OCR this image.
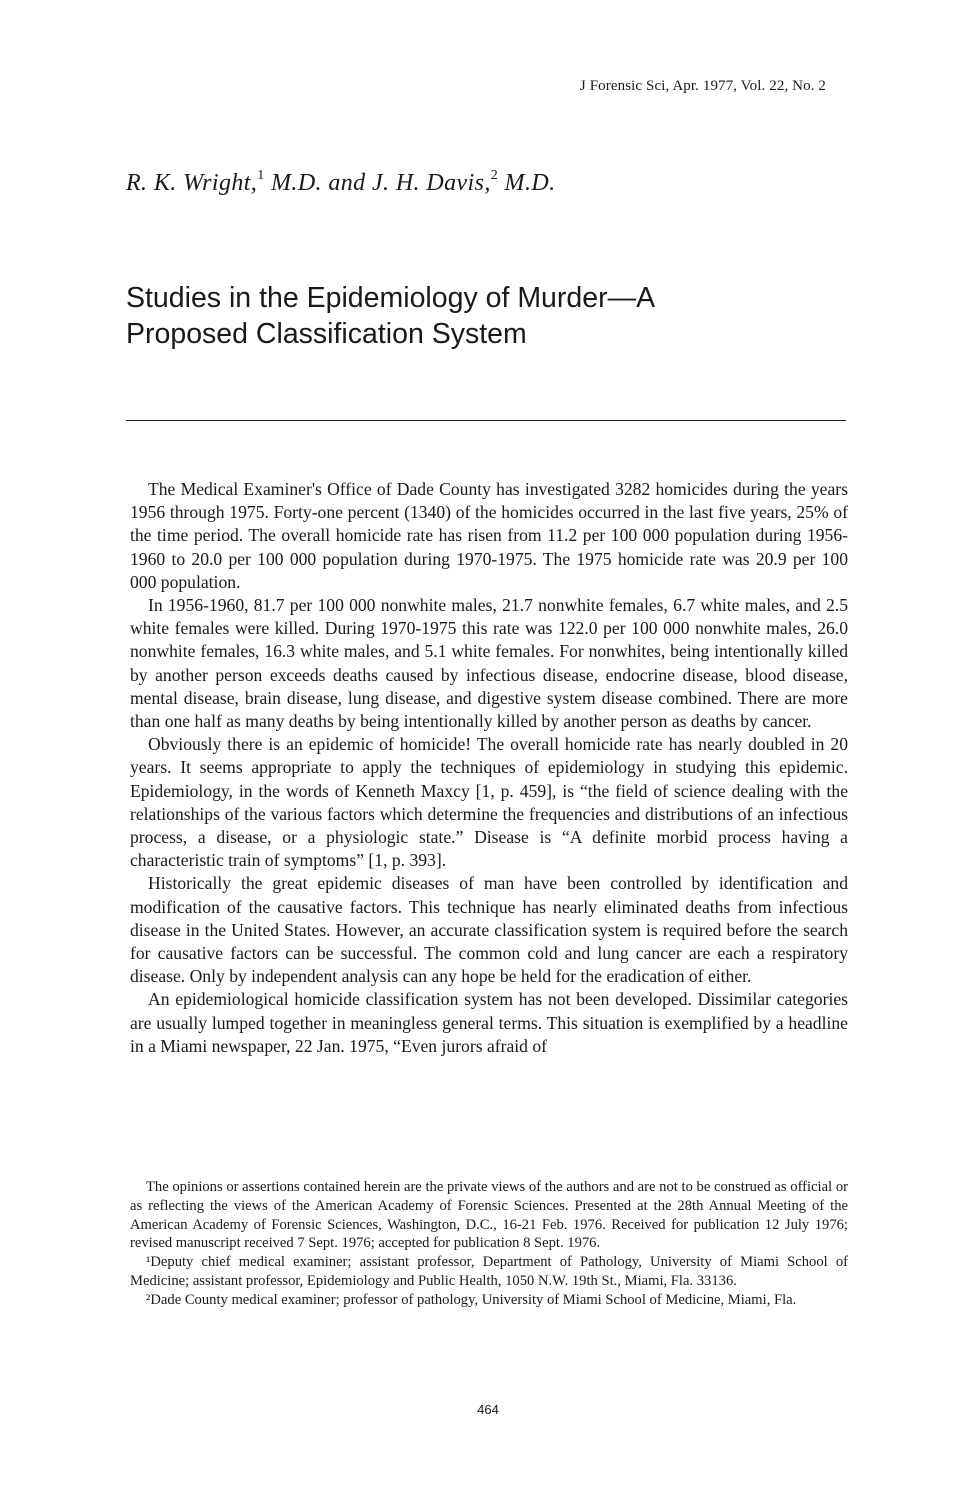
J Forensic Sci, Apr. 1977, Vol. 22, No. 2
R. K. Wright,$^1$ M.D. and J. H. Davis,$^2$ M.D.
Studies in the Epidemiology of Murder—A
Proposed Classification System

The Medical Examiner's Office of Dade County has investigated 3282 homicides during the years 1956 through 1975. Forty-one percent (1340) of the homicides occurred in the last five years, 25% of the time period. The overall homicide rate has risen from 11.2 per 100 000 population during 1956-1960 to 20.0 per 100 000 population during 1970-1975. The 1975 homicide rate was 20.9 per 100 000 population.

In 1956-1960, 81.7 per 100 000 nonwhite males, 21.7 nonwhite females, 6.7 white males, and 2.5 white females were killed. During 1970-1975 this rate was 122.0 per 100 000 nonwhite males, 26.0 nonwhite females, 16.3 white males, and 5.1 white females. For nonwhites, being intentionally killed by another person exceeds deaths caused by infectious disease, endocrine disease, blood disease, mental disease, brain disease, lung disease, and digestive system disease combined. There are more than one half as many deaths by being intentionally killed by another person as deaths by cancer.

Obviously there is an epidemic of homicide! The overall homicide rate has nearly doubled in 20 years. It seems appropriate to apply the techniques of epidemiology in studying this epidemic. Epidemiology, in the words of Kenneth Maxcy [1, p. 459], is “the field of science dealing with the relationships of the various factors which determine the frequencies and distributions of an infectious process, a disease, or a physiologic state.” Disease is “A definite morbid process having a characteristic train of symptoms” [1, p. 393].

Historically the great epidemic diseases of man have been controlled by identification and modification of the causative factors. This technique has nearly eliminated deaths from infectious disease in the United States. However, an accurate classification system is required before the search for causative factors can be successful. The common cold and lung cancer are each a respiratory disease. Only by independent analysis can any hope be held for the eradication of either.

An epidemiological homicide classification system has not been developed. Dissimilar categories are usually lumped together in meaningless general terms. This situation is exemplified by a headline in a Miami newspaper, 22 Jan. 1975, “Even jurors afraid of

The opinions or assertions contained herein are the private views of the authors and are not to be construed as official or as reflecting the views of the American Academy of Forensic Sciences. Presented at the 28th Annual Meeting of the American Academy of Forensic Sciences, Washington, D.C., 16-21 Feb. 1976. Received for publication 12 July 1976; revised manuscript received 7 Sept. 1976; accepted for publication 8 Sept. 1976.

¹Deputy chief medical examiner; assistant professor, Department of Pathology, University of Miami School of Medicine; assistant professor, Epidemiology and Public Health, 1050 N.W. 19th St., Miami, Fla. 33136.

²Dade County medical examiner; professor of pathology, University of Miami School of Medicine, Miami, Fla.

464
